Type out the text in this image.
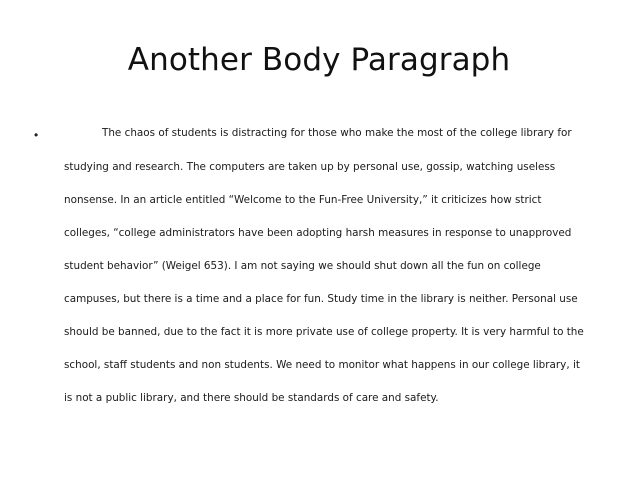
Another Body Paragraph
•	The chaos of students is distracting for those who make the most of the college library for
studying and research. The computers are taken up by personal use, gossip, watching useless
nonsense. In an article entitled “Welcome to the Fun-Free University,” it criticizes how strict
colleges, “college administrators have been adopting harsh measures in response to unapproved
student behavior” (Weigel 653). I am not saying we should shut down all the fun on college
campuses, but there is a time and a place for fun. Study time in the library is neither. Personal use
should be banned, due to the fact it is more private use of college property. It is very harmful to the
school, staff students and non students. We need to monitor what happens in our college library, it
is not a public library, and there should be standards of care and safety.
